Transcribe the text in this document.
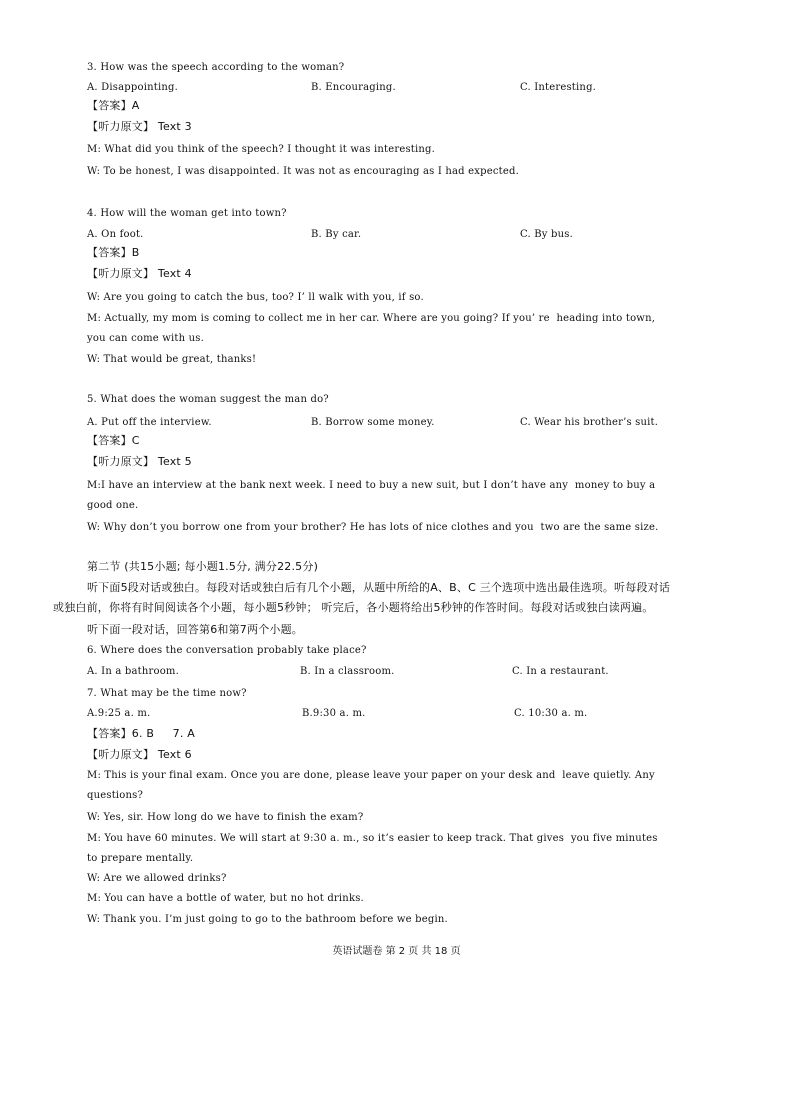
3. How was the speech according to the woman?
A. Disappointing.	B. Encouraging.	C. Interesting.
【答案】A
【听力原文】 Text 3
M: What did you think of the speech? I thought it was interesting.
W: To be honest, I was disappointed. It was not as encouraging as I had expected.
4. How will the woman get into town?
A. On foot.	B. By car.	C. By bus.
【答案】B
【听力原文】 Text 4
W: Are you going to catch the bus, too? I’ ll walk with you, if so.
M: Actually, my mom is coming to collect me in her car. Where are you going? If you’ re  heading into town,
you can come with us.
W: That would be great, thanks!
5. What does the woman suggest the man do?
A. Put off the interview.	B. Borrow some money.	C. Wear his brother’s suit.
【答案】C
【听力原文】 Text 5
M:I have an interview at the bank next week. I need to buy a new suit, but I don’t have any  money to buy a
good one.
W: Why don’t you borrow one from your brother? He has lots of nice clothes and you  two are the same size.
第二节 (共15小题; 每小题1.5分, 满分22.5分)
听下面5段对话或独白。每段对话或独白后有几个小题，从题中所给的A、B、C 三个选项中选出最佳选项。听每段对话
或独白前，你将有时间阅读各个小题，每小题5秒钟； 听完后，各小题将给出5秒钟的作答时间。每段对话或独白读两遍。
听下面一段对话，回答第6和第7两个小题。
6. Where does the conversation probably take place?
A. In a bathroom.	B. In a classroom.	C. In a restaurant.
7. What may be the time now?
A.9:25 a. m.	B.9:30 a. m.	C. 10:30 a. m.
【答案】6. B     7. A
【听力原文】 Text 6
M: This is your final exam. Once you are done, please leave your paper on your desk and  leave quietly. Any
questions?
W: Yes, sir. How long do we have to finish the exam?
M: You have 60 minutes. We will start at 9:30 a. m., so it’s easier to keep track. That gives  you five minutes
to prepare mentally.
W: Are we allowed drinks?
M: You can have a bottle of water, but no hot drinks.
W: Thank you. I’m just going to go to the bathroom before we begin.
英语试题卷 第 2 页 共 18 页
